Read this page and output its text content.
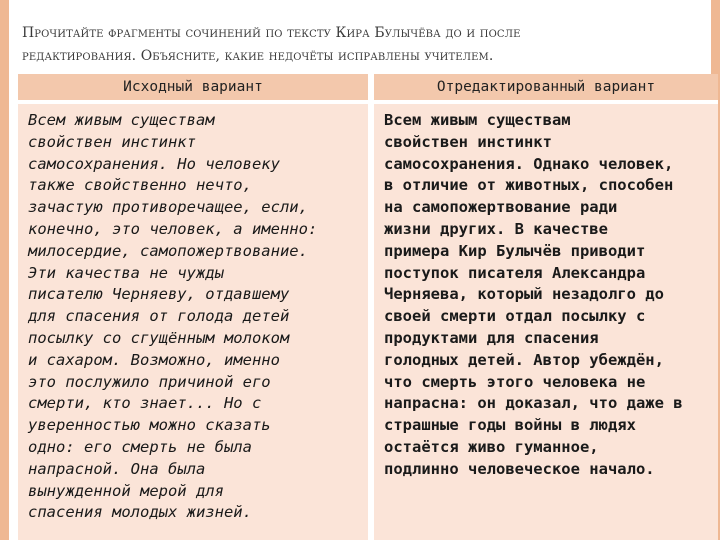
Прочитайте фрагменты сочинений по тексту Кира Булычёва до и после
редактирования. Объясните, какие недочёты исправлены учителем.
Исходный вариант
Всем живым существам
свойствен инстинкт
самосохранения. Но человеку
также свойственно нечто,
зачастую противоречащее, если,
конечно, это человек, а именно:
милосердие, самопожертвование.
Эти качества не чужды
писателю Черняеву, отдавшему
для спасения от голода детей
посылку со сгущённым молоком
и сахаром. Возможно, именно
это послужило причиной его
смерти, кто знает... Но с
уверенностью можно сказать
одно: его смерть не была
напрасной. Она была
вынужденной мерой для
спасения молодых жизней.
Отредактированный вариант
Всем живым существам
свойствен инстинкт
самосохранения. Однако человек,
в отличие от животных, способен
на самопожертвование ради
жизни других. В качестве
примера Кир Булычёв приводит
поступок писателя Александра
Черняева, который незадолго до
своей смерти отдал посылку с
продуктами для спасения
голодных детей. Автор убеждён,
что смерть этого человека не
напрасна: он доказал, что даже в
страшные годы войны в людях
остаётся живо гуманное,
подлинно человеческое начало.
